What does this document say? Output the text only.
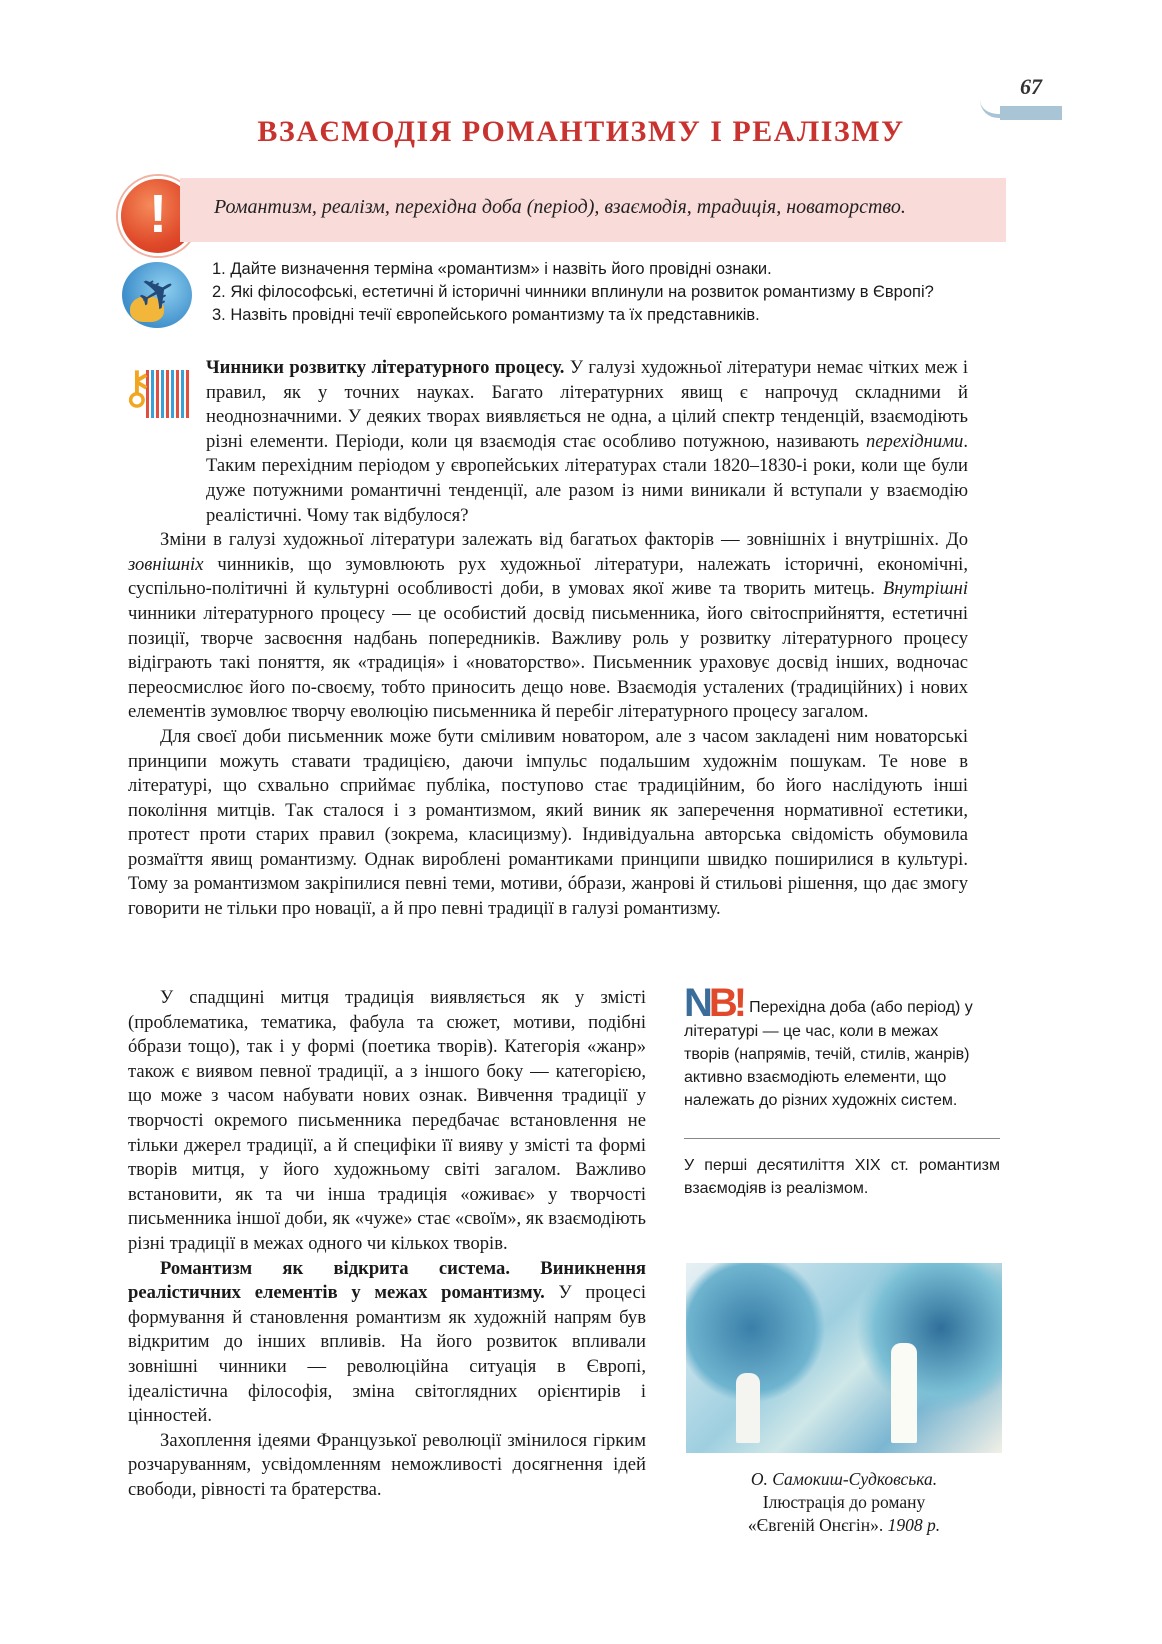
67
ВЗАЄМОДІЯ РОМАНТИЗМУ І РЕАЛІЗМУ
!	Романтизм, реалізм, перехідна доба (період), взаємодія, традиція, новаторство.
✈ 1. Дайте визначення терміна «романтизм» і назвіть його провідні ознаки.
2. Які філософські, естетичні й історичні чинники вплинули на розвиток романтизму в Європі?
3. Назвіть провідні течії європейського романтизму та їх представників.
⚷	Чинники розвитку літературного процесу. У галузі художньої літератури немає чітких меж і правил, як у точних науках. Багато літературних явищ є напрочуд складними й неоднозначними. У деяких творах виявляється не одна, а цілий спектр тенденцій, взаємодіють різні елементи. Періоди, коли ця взаємодія стає особливо потужною, називають перехідними. Таким перехідним періодом у європейських літературах стали 1820–1830-і роки, коли ще були дуже потужними романтичні тенденції, але разом із ними виникали й вступали у взаємодію реалістичні. Чому так відбулося?

Зміни в галузі художньої літератури залежать від багатьох факторів — зовнішніх і внутрішніх. До зовнішніх чинників, що зумовлюють рух художньої літератури, належать історичні, економічні, суспільно-політичні й культурні особливості доби, в умовах якої живе та творить митець. Внутрішні чинники літературного процесу — це особистий досвід письменника, його світосприйняття, естетичні позиції, творче засвоєння надбань попередників. Важливу роль у розвитку літературного процесу відіграють такі поняття, як «традиція» і «новаторство». Письменник ураховує досвід інших, водночас переосмислює його по-своєму, тобто приносить дещо нове. Взаємодія усталених (традиційних) і нових елементів зумовлює творчу еволюцію письменника й перебіг літературного процесу загалом.

Для своєї доби письменник може бути сміливим новатором, але з часом закладені ним новаторські принципи можуть ставати традицією, даючи імпульс подальшим художнім пошукам. Те нове в літературі, що схвально сприймає публіка, поступово стає традиційним, бо його наслідують інші покоління митців. Так сталося і з романтизмом, який виник як заперечення нормативної естетики, протест проти старих правил (зокрема, класицизму). Індивідуальна авторська свідомість обумовила розмаїття явищ романтизму. Однак вироблені романтиками принципи швидко поширилися в культурі. Тому за романтизмом закріпилися певні теми, мотиви, óбрази, жанрові й стильові рішення, що дає змогу говорити не тільки про новації, а й про певні традиції в галузі романтизму.

У спадщині митця традиція виявляється як у змісті (проблематика, тематика, фабула та сюжет, мотиви, подібні óбрази тощо), так і у формі (поетика творів). Категорія «жанр» також є виявом певної традиції, а з іншого боку — категорією, що може з часом набувати нових ознак. Вивчення традиції у творчості окремого письменника передбачає встановлення не тільки джерел традиції, а й специфіки її вияву у змісті та формі творів митця, у його художньому світі загалом. Важливо встановити, як та чи інша традиція «оживає» у творчості письменника іншої доби, як «чуже» стає «своїм», як взаємодіють різні традиції в межах одного чи кількох творів.

Романтизм як відкрита система. Виникнення реалістичних елементів у межах романтизму. У процесі формування й становлення романтизм як художній напрям був відкритим до інших впливів. На його розвиток впливали зовнішні чинники — революційна ситуація в Європі, ідеалістична філософія, зміна світоглядних орієнтирів і цінностей.

Захоплення ідеями Французької революції змінилося гірким розчаруванням, усвідомленням неможливості досягнення ідей свободи, рівності та братерства.

NB! Перехідна доба (або період) у літературі — це час, коли в межах творів (напрямів, течій, стилів, жанрів) активно взаємодіють елементи, що належать до різних художніх систем.
У перші десятиліття XIX ст. романтизм взаємодіяв із реалізмом.
О. Самокиш-Судковська.
Ілюстрація до роману
«Євгеній Онєгін». 1908 р.
